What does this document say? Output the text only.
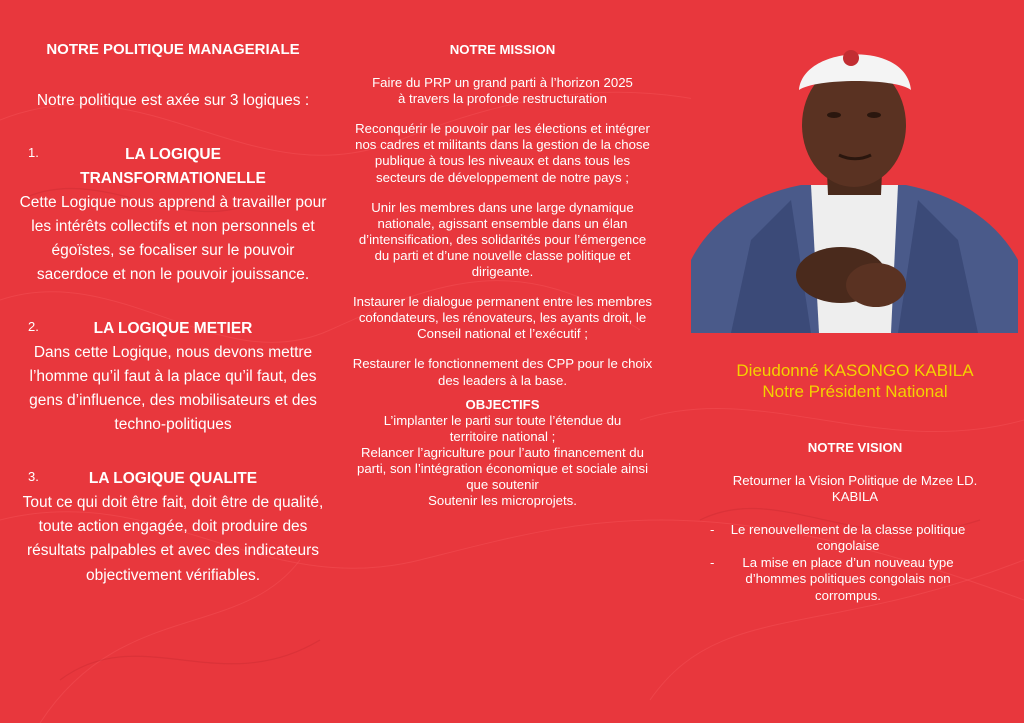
NOTRE POLITIQUE MANAGERIALE
Notre politique est axée sur 3 logiques :
1.	LA LOGIQUE TRANSFORMATIONELLE
Cette Logique nous apprend à travailler pour les intérêts collectifs et non personnels et égoïstes, se focaliser sur le pouvoir sacerdoce et non le pouvoir jouissance.
2.	LA LOGIQUE METIER
Dans cette Logique, nous devons mettre l’homme qu’il faut à la place qu’il faut, des gens d’influence, des mobilisateurs et des techno-politiques
3.	LA LOGIQUE QUALITE
Tout ce qui doit être fait, doit être de qualité, toute action engagée, doit produire des résultats palpables et avec des indicateurs objectivement vérifiables.
NOTRE MISSION

Faire du PRP un grand parti à l’horizon 2025 à travers la profonde restructuration

Reconquérir le pouvoir par les élections et intégrer nos cadres et militants dans la gestion de la chose publique à tous les niveaux et dans tous les secteurs de développement de notre pays ;

Unir les membres dans une large dynamique nationale, agissant ensemble dans un élan d’intensification, des solidarités pour l’émergence du parti et d’une nouvelle classe politique et dirigeante.

Instaurer le dialogue permanent entre les membres cofondateurs, les rénovateurs, les ayants droit, le Conseil national et l’exécutif ;

Restaurer le fonctionnement des CPP pour le choix des leaders à la base.

OBJECTIFS
L’implanter le parti sur toute l’étendue du territoire national ;
Relancer l’agriculture pour l’auto financement du parti, son l’intégration économique et sociale ainsi que soutenir
Soutenir les microprojets.
Dieudonné KASONGO KABILA
Notre Président National
NOTRE VISION
Retourner la Vision Politique de Mzee LD. KABILA
- Le renouvellement de la classe politique congolaise
-	La mise en place d’un nouveau type d’hommes politiques congolais non corrompus.
